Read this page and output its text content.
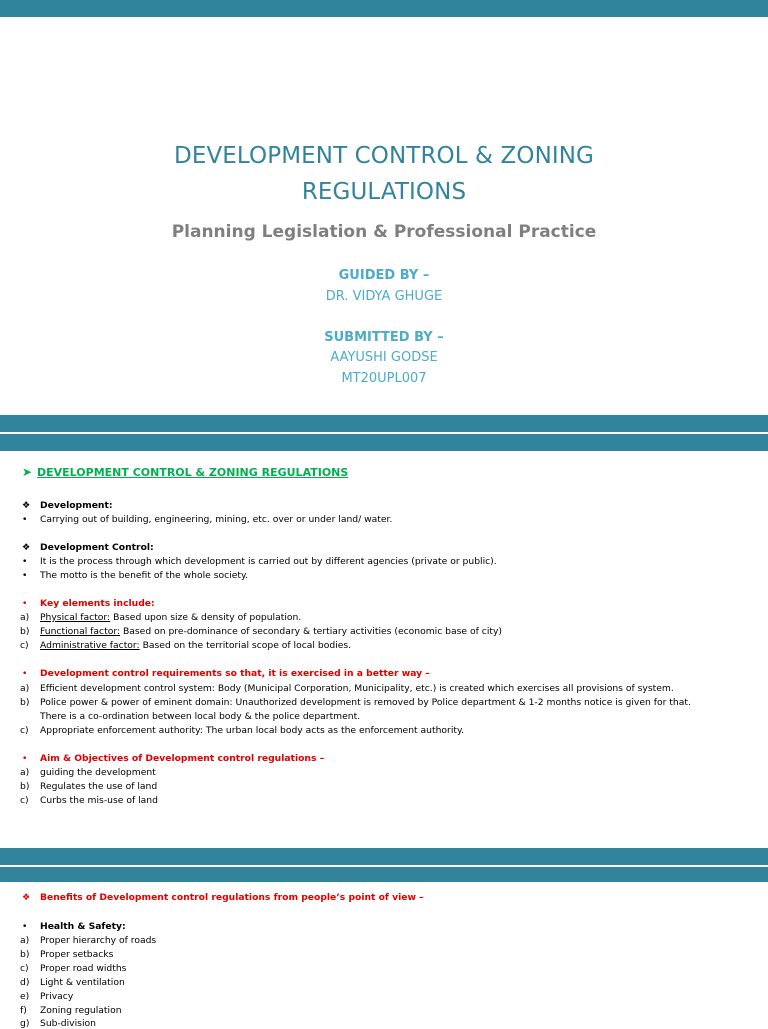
DEVELOPMENT CONTROL & ZONING
REGULATIONS
Planning Legislation & Professional Practice
GUIDED BY –
DR. VIDYA GHUGE
SUBMITTED BY –
AAYUSHI GODSE
MT20UPL007
➤ DEVELOPMENT CONTROL & ZONING REGULATIONS
❖ Development:
• Carrying out of building, engineering, mining, etc. over or under land/ water.
❖ Development Control:
• It is the process through which development is carried out by different agencies (private or public).
• The motto is the benefit of the whole society.
• Key elements include:
a)	Physical factor: Based upon size & density of population.
b)	Functional factor: Based on pre-dominance of secondary & tertiary activities (economic base of city)
c)	Administrative factor: Based on the territorial scope of local bodies.
• Development control requirements so that, it is exercised in a better way –
a)	Efficient development control system: Body (Municipal Corporation, Municipality, etc.) is created which exercises all provisions of system.
b)	Police power & power of eminent domain: Unauthorized development is removed by Police department & 1-2 months notice is given for that.
There is a co-ordination between local body & the police department.
c)	Appropriate enforcement authority: The urban local body acts as the enforcement authority.
• Aim & Objectives of Development control regulations –
a)	guiding the development
b)	Regulates the use of land
c)	Curbs the mis-use of land
❖ Benefits of Development control regulations from people’s point of view –
• Health & Safety:
a)	Proper hierarchy of roads
b)	Proper setbacks
c)	Proper road widths
d)	Light & ventilation
e)	Privacy
f)	Zoning regulation
g)	Sub-division
